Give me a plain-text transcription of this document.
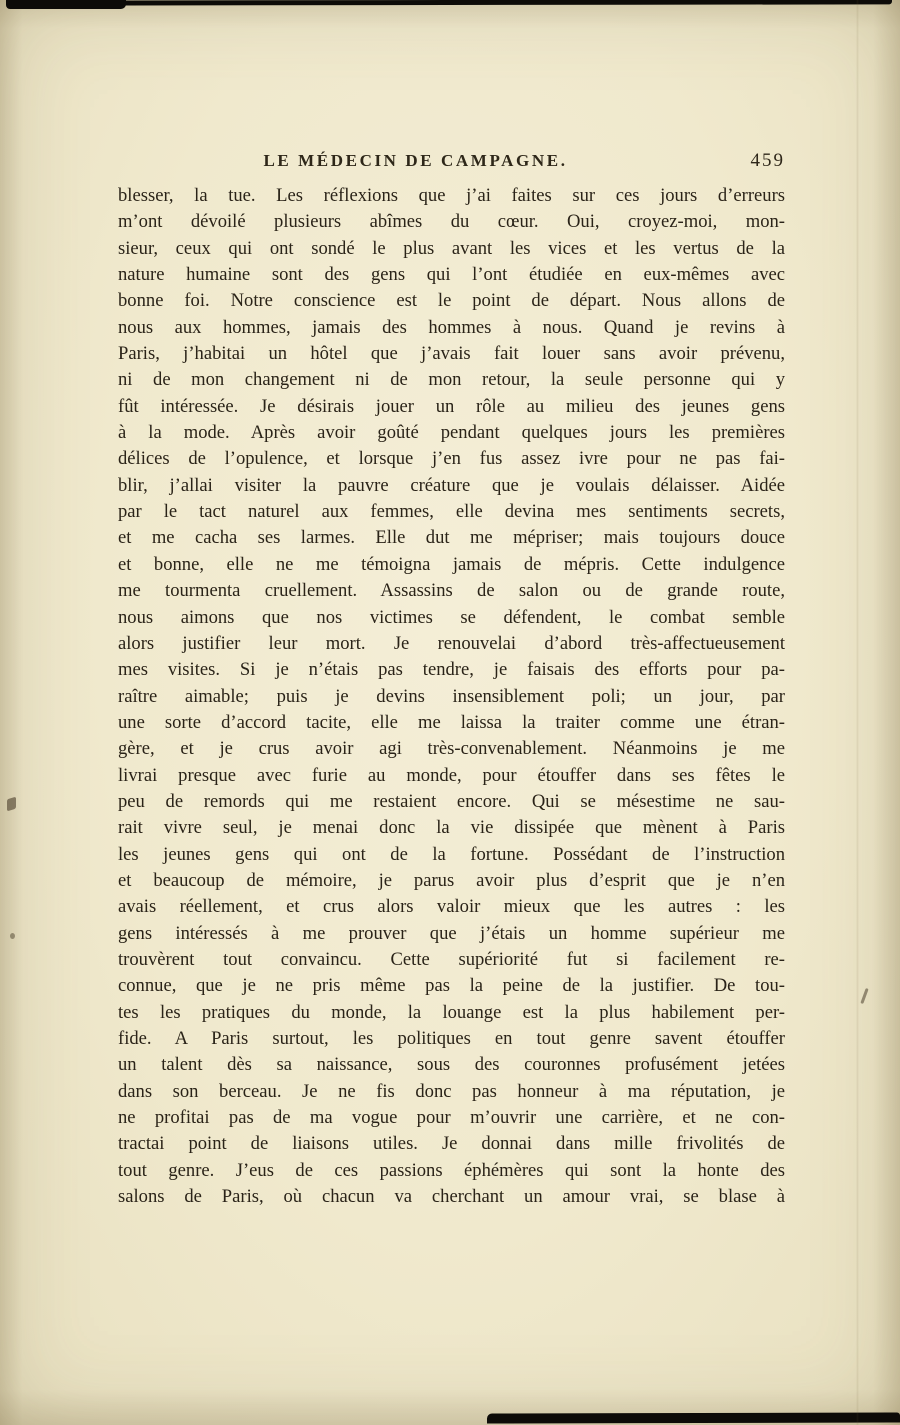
LE MÉDECIN DE CAMPAGNE.	459
blesser, la tue. Les réflexions que j’ai faites sur ces jours d’erreurs
m’ont dévoilé plusieurs abîmes du cœur. Oui, croyez-moi, mon-
sieur, ceux qui ont sondé le plus avant les vices et les vertus de la
nature humaine sont des gens qui l’ont étudiée en eux-mêmes avec
bonne foi. Notre conscience est le point de départ. Nous allons de
nous aux hommes, jamais des hommes à nous. Quand je revins à
Paris, j’habitai un hôtel que j’avais fait louer sans avoir prévenu,
ni de mon changement ni de mon retour, la seule personne qui y
fût intéressée. Je désirais jouer un rôle au milieu des jeunes gens
à la mode. Après avoir goûté pendant quelques jours les premières
délices de l’opulence, et lorsque j’en fus assez ivre pour ne pas fai-
blir, j’allai visiter la pauvre créature que je voulais délaisser. Aidée
par le tact naturel aux femmes, elle devina mes sentiments secrets,
et me cacha ses larmes. Elle dut me mépriser; mais toujours douce
et bonne, elle ne me témoigna jamais de mépris. Cette indulgence
me tourmenta cruellement. Assassins de salon ou de grande route,
nous aimons que nos victimes se défendent, le combat semble
alors justifier leur mort. Je renouvelai d’abord très-affectueusement
mes visites. Si je n’étais pas tendre, je faisais des efforts pour pa-
raître aimable; puis je devins insensiblement poli; un jour, par
une sorte d’accord tacite, elle me laissa la traiter comme une étran-
gère, et je crus avoir agi très-convenablement. Néanmoins je me
livrai presque avec furie au monde, pour étouffer dans ses fêtes le
peu de remords qui me restaient encore. Qui se mésestime ne sau-
rait vivre seul, je menai donc la vie dissipée que mènent à Paris
les jeunes gens qui ont de la fortune. Possédant de l’instruction
et beaucoup de mémoire, je parus avoir plus d’esprit que je n’en
avais réellement, et crus alors valoir mieux que les autres : les
gens intéressés à me prouver que j’étais un homme supérieur me
trouvèrent tout convaincu. Cette supériorité fut si facilement re-
connue, que je ne pris même pas la peine de la justifier. De tou-
tes les pratiques du monde, la louange est la plus habilement per-
fide. A Paris surtout, les politiques en tout genre savent étouffer
un talent dès sa naissance, sous des couronnes profusément jetées
dans son berceau. Je ne fis donc pas honneur à ma réputation, je
ne profitai pas de ma vogue pour m’ouvrir une carrière, et ne con-
tractai point de liaisons utiles. Je donnai dans mille frivolités de
tout genre. J’eus de ces passions éphémères qui sont la honte des
salons de Paris, où chacun va cherchant un amour vrai, se blase à
